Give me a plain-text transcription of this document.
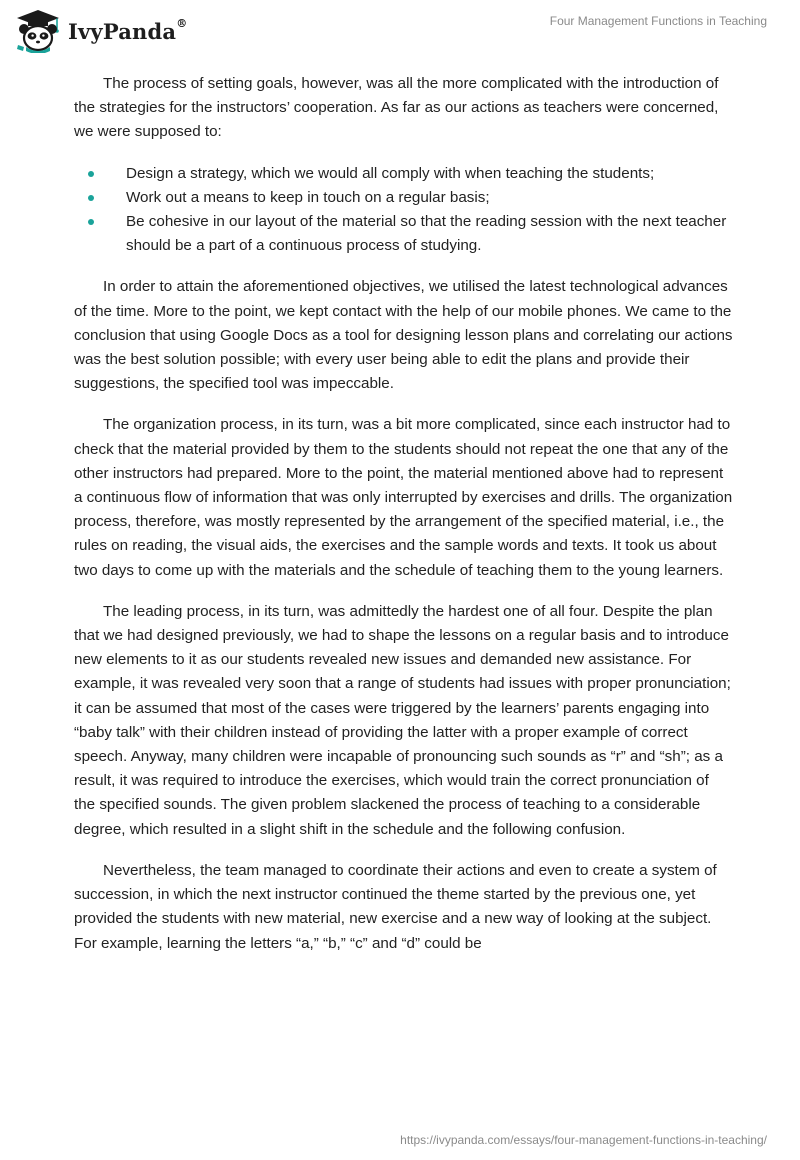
IvyPanda®	Four Management Functions in Teaching

The process of setting goals, however, was all the more complicated with the introduction of the strategies for the instructors’ cooperation. As far as our actions as teachers were concerned, we were supposed to:

Design a strategy, which we would all comply with when teaching the students;
Work out a means to keep in touch on a regular basis;
Be cohesive in our layout of the material so that the reading session with the next teacher should be a part of a continuous process of studying.

In order to attain the aforementioned objectives, we utilised the latest technological advances of the time. More to the point, we kept contact with the help of our mobile phones. We came to the conclusion that using Google Docs as a tool for designing lesson plans and correlating our actions was the best solution possible; with every user being able to edit the plans and provide their suggestions, the specified tool was impeccable.

The organization process, in its turn, was a bit more complicated, since each instructor had to check that the material provided by them to the students should not repeat the one that any of the other instructors had prepared. More to the point, the material mentioned above had to represent a continuous flow of information that was only interrupted by exercises and drills. The organization process, therefore, was mostly represented by the arrangement of the specified material, i.e., the rules on reading, the visual aids, the exercises and the sample words and texts. It took us about two days to come up with the materials and the schedule of teaching them to the young learners.

The leading process, in its turn, was admittedly the hardest one of all four. Despite the plan that we had designed previously, we had to shape the lessons on a regular basis and to introduce new elements to it as our students revealed new issues and demanded new assistance. For example, it was revealed very soon that a range of students had issues with proper pronunciation; it can be assumed that most of the cases were triggered by the learners’ parents engaging into “baby talk” with their children instead of providing the latter with a proper example of correct speech. Anyway, many children were incapable of pronouncing such sounds as “r” and “sh”; as a result, it was required to introduce the exercises, which would train the correct pronunciation of the specified sounds. The given problem slackened the process of teaching to a considerable degree, which resulted in a slight shift in the schedule and the following confusion.

Nevertheless, the team managed to coordinate their actions and even to create a system of succession, in which the next instructor continued the theme started by the previous one, yet provided the students with new material, new exercise and a new way of looking at the subject. For example, learning the letters “a,” “b,” “c” and “d” could be

https://ivypanda.com/essays/four-management-functions-in-teaching/
